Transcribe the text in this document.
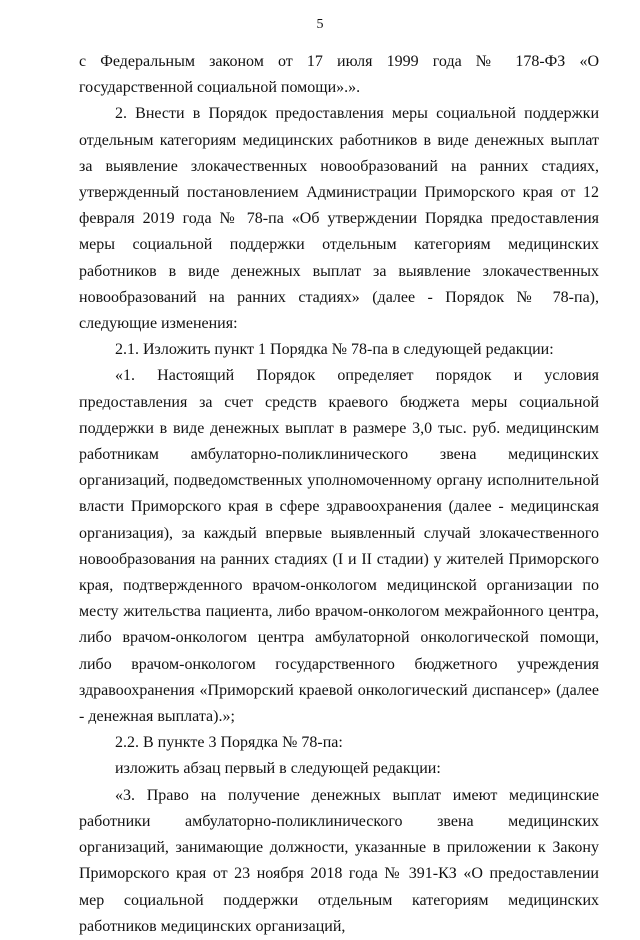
5

с Федеральным законом от 17 июля 1999 года № 178-ФЗ «О государственной социальной помощи».».

2. Внести в Порядок предоставления меры социальной поддержки отдельным категориям медицинских работников в виде денежных выплат за выявление злокачественных новообразований на ранних стадиях, утвержденный постановлением Администрации Приморского края от 12 февраля 2019 года № 78-па «Об утверждении Порядка предоставления меры социальной поддержки отдельным категориям медицинских работников в виде денежных выплат за выявление злокачественных новообразований на ранних стадиях» (далее - Порядок № 78-па), следующие изменения:

2.1. Изложить пункт 1 Порядка № 78-па в следующей редакции:

«1. Настоящий Порядок определяет порядок и условия предоставления за счет средств краевого бюджета меры социальной поддержки в виде денежных выплат в размере 3,0 тыс. руб. медицинским работникам амбулаторно-поликлинического звена медицинских организаций, подведомственных уполномоченному органу исполнительной власти Приморского края в сфере здравоохранения (далее - медицинская организация), за каждый впервые выявленный случай злокачественного новообразования на ранних стадиях (I и II стадии) у жителей Приморского края, подтвержденного врачом-онкологом медицинской организации по месту жительства пациента, либо врачом-онкологом межрайонного центра, либо врачом-онкологом центра амбулаторной онкологической помощи, либо врачом-онкологом государственного бюджетного учреждения здравоохранения «Приморский краевой онкологический диспансер» (далее - денежная выплата).»;

2.2. В пункте 3 Порядка № 78-па:

изложить абзац первый в следующей редакции:

«3. Право на получение денежных выплат имеют медицинские работники амбулаторно-поликлинического звена медицинских организаций, занимающие должности, указанные в приложении к Закону Приморского края от 23 ноября 2018 года № 391-КЗ «О предоставлении мер социальной поддержки отдельным категориям медицинских работников медицинских организаций,
